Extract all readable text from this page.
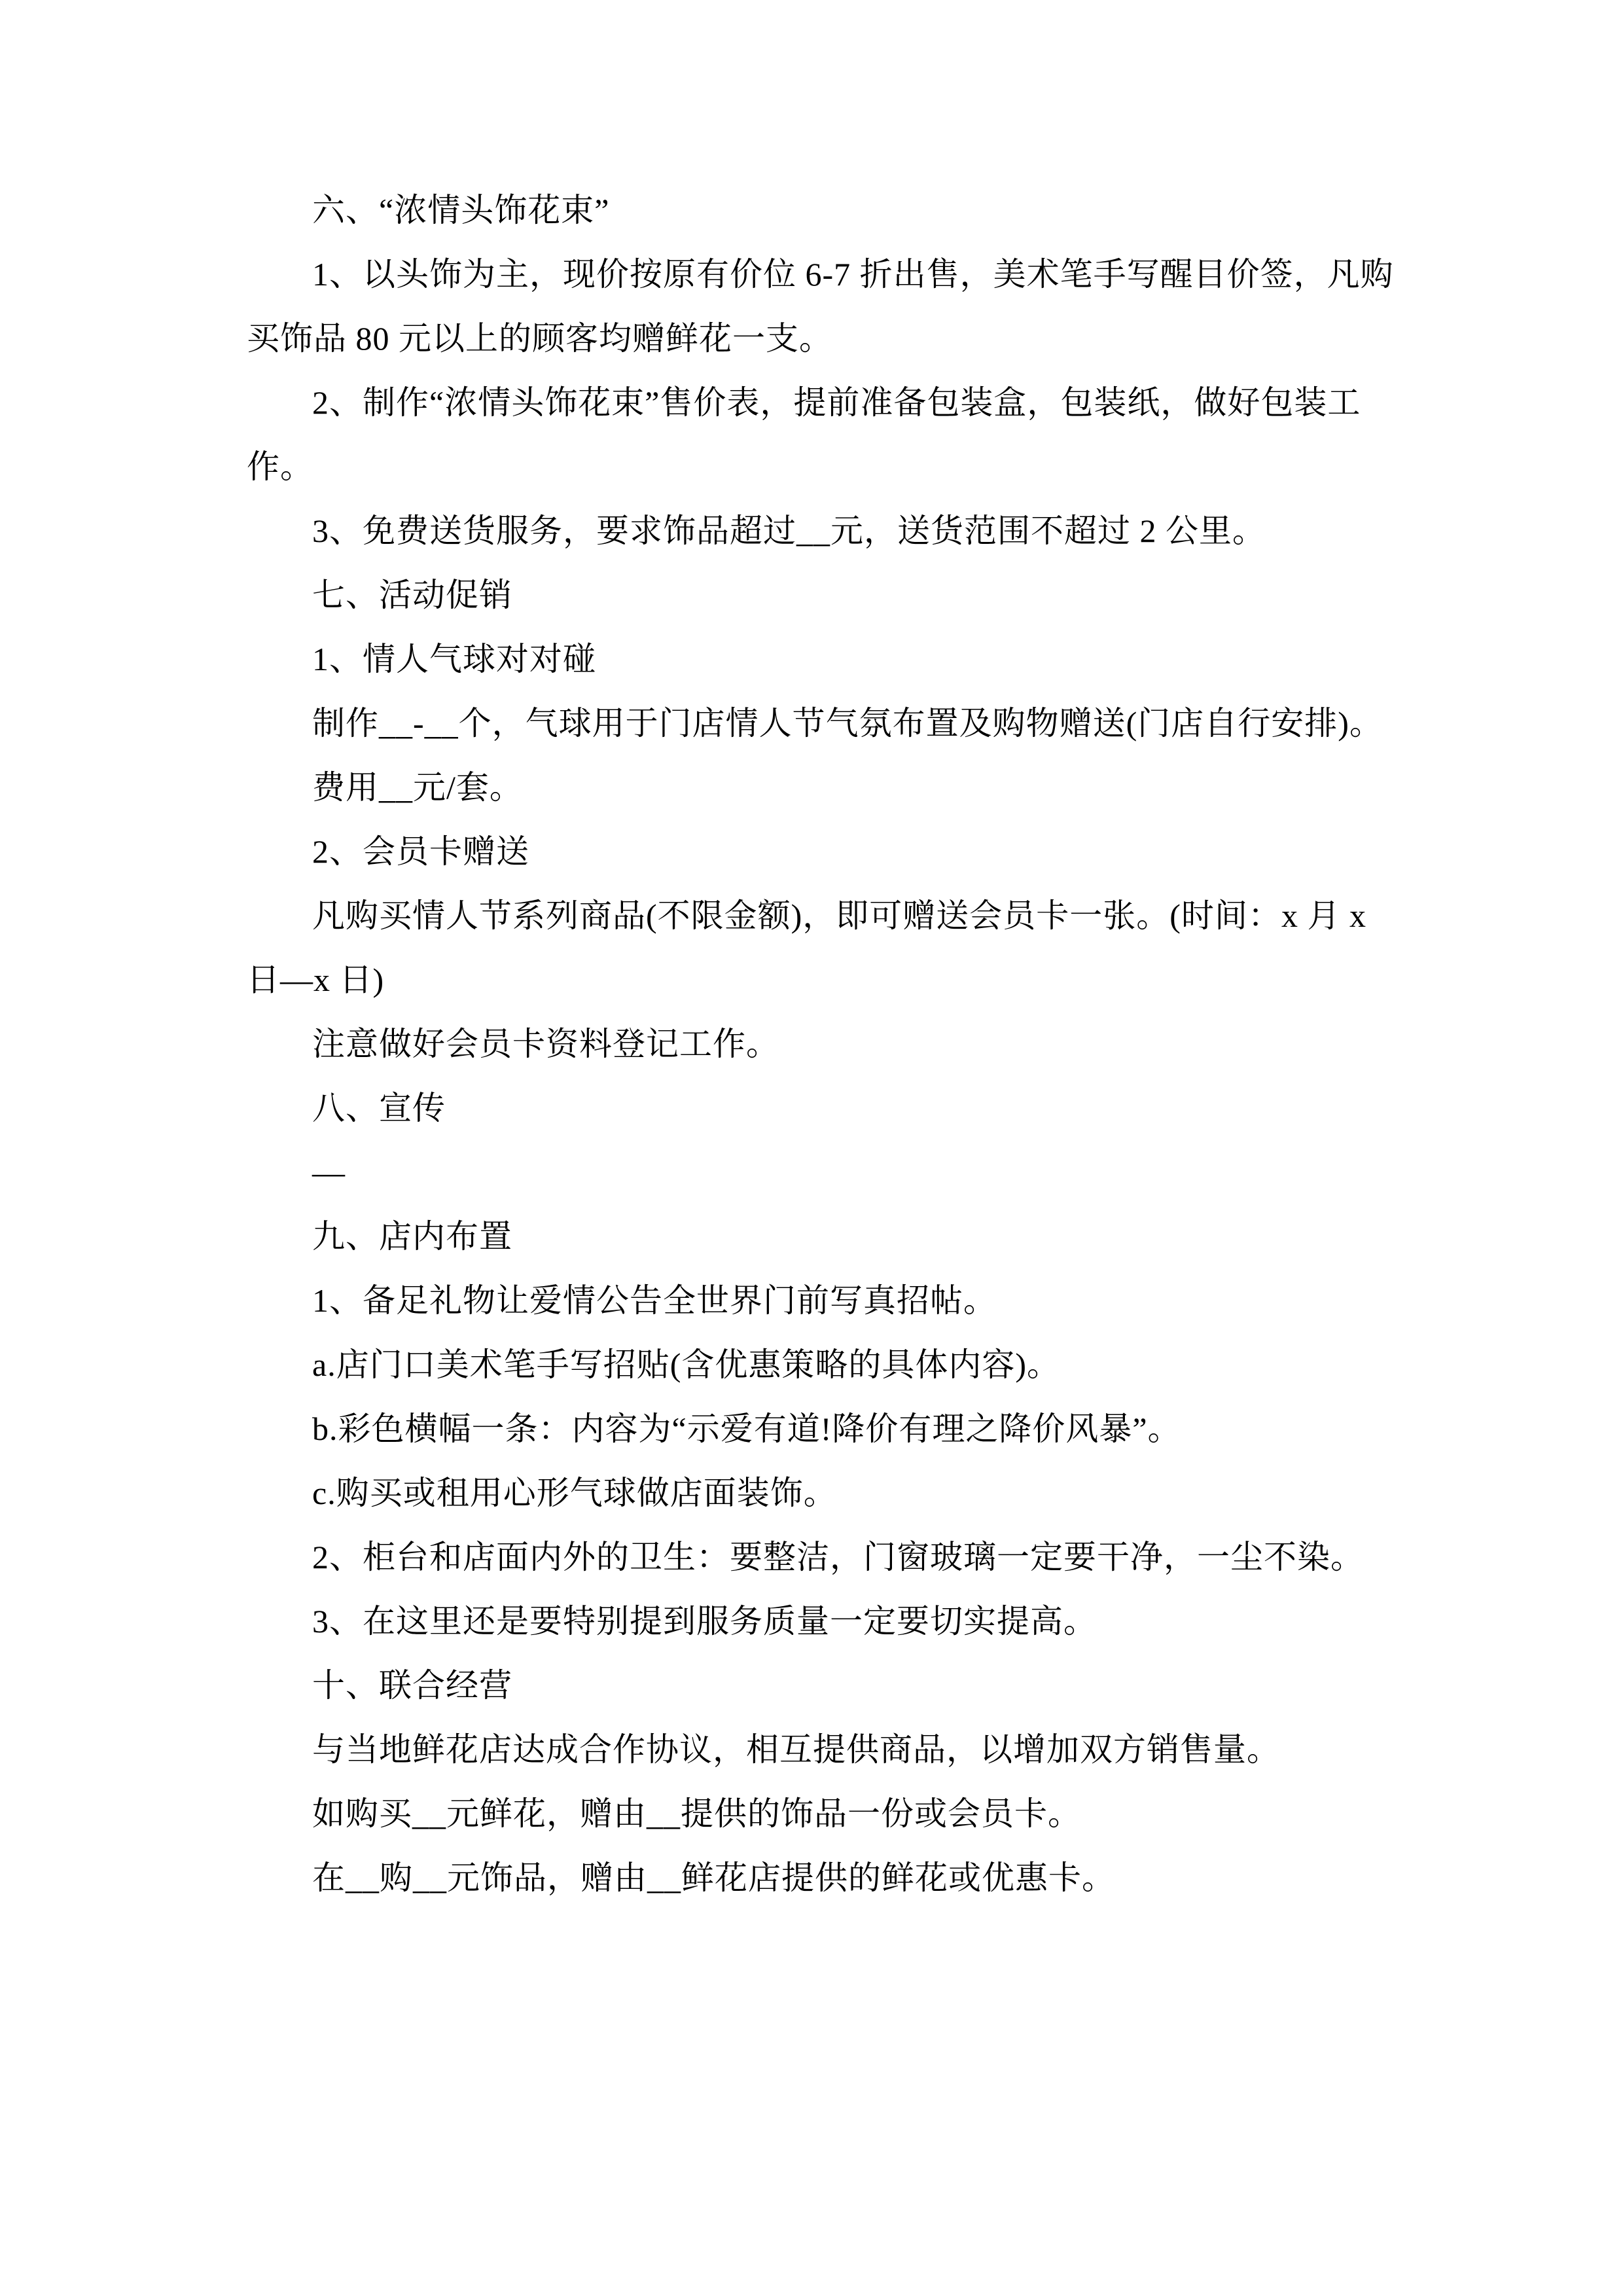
六、“浓情头饰花束”
1、以头饰为主，现价按原有价位 6-7 折出售，美术笔手写醒目价签，凡购
买饰品 80 元以上的顾客均赠鲜花一支。
2、制作“浓情头饰花束”售价表，提前准备包装盒，包装纸，做好包装工
作。
3、免费送货服务，要求饰品超过__元，送货范围不超过 2 公里。
七、活动促销
1、情人气球对对碰
制作__-__个，气球用于门店情人节气氛布置及购物赠送(门店自行安排)。
费用__元/套。
2、会员卡赠送
凡购买情人节系列商品(不限金额)，即可赠送会员卡一张。(时间：x 月 x
日—x 日)
注意做好会员卡资料登记工作。
八、宣传
—
九、店内布置
1、备足礼物让爱情公告全世界门前写真招帖。
a.店门口美术笔手写招贴(含优惠策略的具体内容)。
b.彩色横幅一条：内容为“示爱有道!降价有理之降价风暴”。
c.购买或租用心形气球做店面装饰。
2、柜台和店面内外的卫生：要整洁，门窗玻璃一定要干净，一尘不染。
3、在这里还是要特别提到服务质量一定要切实提高。
十、联合经营
与当地鲜花店达成合作协议，相互提供商品，以增加双方销售量。
如购买__元鲜花，赠由__提供的饰品一份或会员卡。
在__购__元饰品，赠由__鲜花店提供的鲜花或优惠卡。
